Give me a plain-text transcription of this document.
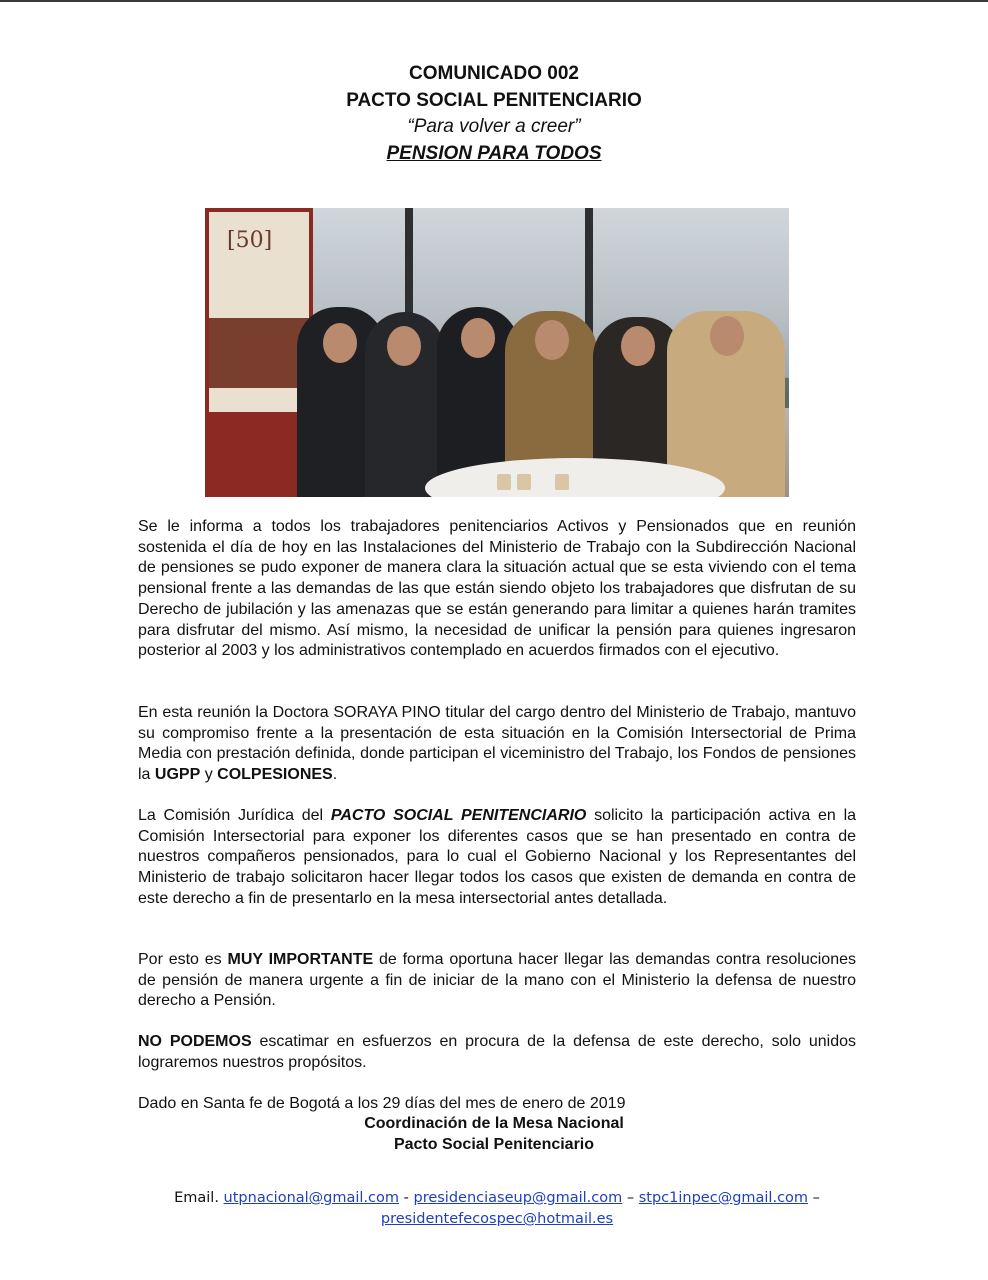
COMUNICADO 002
PACTO SOCIAL PENITENCIARIO
“Para volver a creer”
PENSION PARA TODOS
[50]

Se le informa a todos los trabajadores penitenciarios Activos y Pensionados que en reunión sostenida el día de hoy en las Instalaciones del Ministerio de Trabajo con la Subdirección Nacional de pensiones se pudo exponer de manera clara la situación actual que se esta viviendo con el tema pensional frente a las demandas de las que están siendo objeto los trabajadores que disfrutan de su Derecho de jubilación y las amenazas que se están generando para limitar a quienes harán tramites para disfrutar del mismo. Así mismo, la necesidad de unificar la pensión para quienes ingresaron posterior al 2003 y los administrativos contemplado en acuerdos firmados con el ejecutivo.

En esta reunión la Doctora SORAYA PINO titular del cargo dentro del Ministerio de Trabajo, mantuvo su compromiso frente a la presentación de esta situación en la Comisión Intersectorial de Prima Media con prestación definida, donde participan el viceministro del Trabajo, los Fondos de pensiones la UGPP y COLPESIONES.

La Comisión Jurídica del PACTO SOCIAL PENITENCIARIO solicito la participación activa en la Comisión Intersectorial para exponer los diferentes casos que se han presentado en contra de nuestros compañeros pensionados, para lo cual el Gobierno Nacional y los Representantes del Ministerio de trabajo solicitaron hacer llegar todos los casos que existen de demanda en contra de este derecho a fin de presentarlo en la mesa intersectorial antes detallada.

Por esto es MUY IMPORTANTE de forma oportuna hacer llegar las demandas contra resoluciones de pensión de manera urgente a fin de iniciar de la mano con el Ministerio la defensa de nuestro derecho a Pensión.

NO PODEMOS escatimar en esfuerzos en procura de la defensa de este derecho, solo unidos lograremos nuestros propósitos.

Dado en Santa fe de Bogotá a los 29 días del mes de enero de 2019

Coordinación de la Mesa Nacional
Pacto Social Penitenciario
Email. utpnacional@gmail.com - presidenciaseup@gmail.com – stpc1inpec@gmail.com –
presidentefecospec@hotmail.es
